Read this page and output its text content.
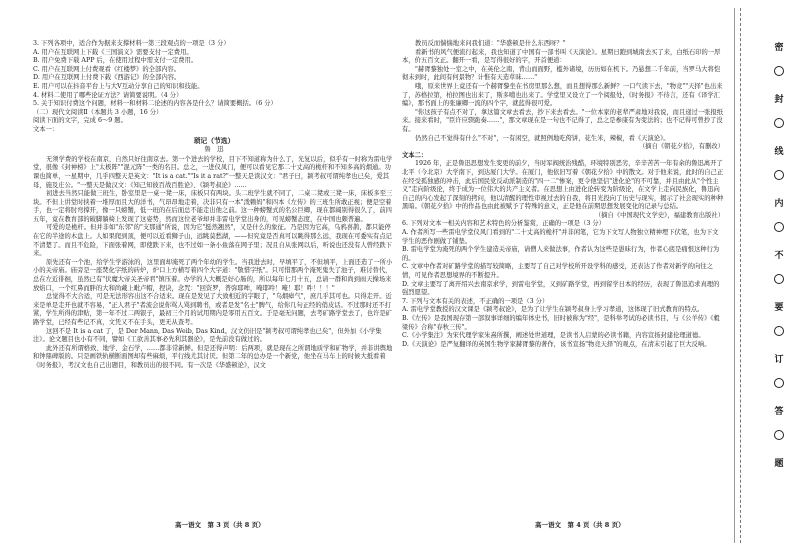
3. 下列各项中，适合作为据来支撑材料一第三段观点的一项是（3 分）

A. 用户在互联网上下载《三国演义》需要支付一定费用。

B. 用户免费下载 APP 后，在使用过程中需支付一定费用。

C. 用户在互联网上付费观看《红楼梦》的全部内容。

D. 用户在互联网上付费下载《西游记》的全部内容。

E. 用户可以在抖音平台上与大V互动分享自己的知识和技能。

4. 材料二使用了哪些论证方法？请简要说明。（4 分）

5. 关于知识付费这个问题，材料一和材料二论述的内容各是什么？请简要概括。（6 分）

（二）现代文阅读Ⅱ（本题共 3 小题，16 分）

阅读下面的文字，完成 6～9 题。

文本一：

琐记（节选）

鲁　迅

无须学费的学校在南京，自然只好往南京去。第一个进去的学校，目下不知道称为什么了，光复以后，似乎有一时称为雷电学堂，很像《封神榜》上"太极阵""混元阵"一类的名目。总之，一进仪凤门，便可以看见它那二十丈高的桅杆和不知多高的烟通。功课也简单，一星期中，几乎四整天是英文："It is a cat.""Is it a rat?"一整天是读汉文："君子曰，颍考叔可谓纯孝也已矣，爱其母，施及庄公。"一整天是做汉文：《知己知彼百战百胜论》、《颍考叔论》……

初进去当然只能做三班生，卧室里是一桌一凳一床，床板只有两块。头二班学生就不同了，二桌二凳或三凳一床，床板多至三块。不但上讲堂时挟着一堆厚而且大的洋书，气昂昂地走着，决非只有一本"泼赖妈"和四本《左传》的三班生所敢正视；便是空着手，也一定将肘弯撑开，像一只螃蟹，低一班的在后面总不能走出他之前。这一种螃蟹式的名公巨卿，现在都阔别得很久了，前四五年，竟在教育部的破脚躺椅上发现了这姿势，然而这位老爷却并非雷电学堂出身的，可见螃蟹态度，在中国也颇普遍。

可爱的是桅杆。但并非如"东邻"的"支那通"所说，因为它"挺然翘然"，又是什么的象征。乃是因为它高，乌鸦喜鹊，都只能停在它的半途的木盘上。人如果爬到顶，便可以近看狮子山，远眺莫愁湖，——但究竟是否真可以眺得那么远，我现在可委实有点记不清楚了。而且不危险，下面张着网，即使跌下来，也不过如一条小鱼落在网子里；况且自从张网以后，听说也还没有人曾经跌下来。

原先还有一个池，给学生学游泳的，这里面却淹死了两个年幼的学生。当我进去时，早填平了，不但填平，上面还造了一所小小的关帝庙。庙旁是一座焚化字纸的砖炉，炉口上方横写着四个大字道："敬惜字纸"。只可惜那两个淹死鬼失了池子，难讨替代，总在左近徘徊，虽然已有"伏魔大帝关圣帝君"镇压着。办学的人大概是好心肠的，所以每年七月十五，总请一群和尚到雨天操场来放焰口，一个红鼻而胖的大和尚戴上毗卢帽，捏诀，念咒："回资罗，普弥耶哞，唵耶吽！唵！耶！吽！！！"

总觉得不大合适，可是无法形容出这不合适来。现在是发见了大致相近的字眼了，"乌烟瘴气"，庶几乎其可也。只得走开。近来是单是走开也就不容易，"正人君子"者流会说你骂人骂到聘书，或者是发"名士"脾气，给你几句正经的俏皮话。不过那时还不打紧，学生所得的津贴，第一年不过二两银子，最初三个月的试用期内是零用五百文。于是毫无问题，去考矿路学堂去了，也许是矿路学堂，已经有些记不真，文凭又不在手头，更无从查考。

这回不是 It is a cat 了，是 Der Mann, Das Weib, Das Kind。汉文仍旧是"颍考叔可谓纯孝也已矣"，但外加《小学集注》。论文题目也小有不同，譬如《工欲善其事必先利其器论》，是先前没有做过的。

此外还有所谓格致、地学、金石学，……都非常新鲜。但是还得声明：后两项，就是现在之所谓地质学和矿物学，并非讲舆地和钟鼎碑版的。只是画铁轨横断面图却有些麻烦，平行线尤其讨厌。但第二年的总办是一个新党，他坐在马车上的时候大抵看着《时务报》，考汉文也自己出题目，和教员出的很不同。有一次是《华盛顿论》，汉文

教员反而惴惴地来问我们道："华盛顿是什么东西呀？"

看新书的风气便流行起来，我也知道了中国有一部书叫《天演论》。星期日跑到城南去买了来，白纸石印的一厚本，价五百文正。翻开一看，是写得很好的字，开首便道：

"赫胥黎独处一室之中，在英伦之南，背山而面野，槛外诸境，历历如在机下。乃悬想二千年前，当罗马大将恺彻未到时，此间有何景物？计惟有天造草昧……"

哦，原来世界上竟还有一个赫胥黎坐在书房里那么想，而且想得那么新鲜？一口气读下去，"物竞""天择"也出来了，苏格拉第，柏拉图也出来了，斯多噶也出来了。学堂里又设立了一个阅报处，《时务报》不待言，还有《译学汇编》，那书面上的张廉卿一流的四个字，就蓝得很可爱。

"你这孩子有点不对了，拿这篇文章去看去，抄下来去看去。"一位本家的老辈严肃地对我说，而且递过一张报纸来。接来看时，"臣许应骙跪奏……"，那文章现在是一句也不记得了，总之是参康有为变法的；也不记得可曾抄了没有。

仍然自己不觉得有什么"不对"，一有闲空，就照例地吃侉饼，花生米，辣椒，看《天演论》。

（摘自《朝花夕拾》，有删改）

文本二：

1926 年，正是鲁迅思想发生变更的前夕，当时军阀统治残酷，环境特别恶劣，辛辛苦苦一年有余的鲁迅离开了北平（今北京）大学南下，到达厦门大学。在厦门，他依旧写着《朝花夕拾》中的散文。对于他来说，此时的自己正在经受孤独感的冲击，此后国民党反动派制造的"四一二"惨案，更令他坚信"进化论"的不可靠，并且由此从"个性主义"走向阶级论，终于成为一位伟大的共产主义者。在思想上由进化论转变为阶级论，在文学上走向民族化，鲁迅向自己的内心发起了深刻的拷问，他以清醒的理性审视过去的自我，将目光投向了历史与现实，揭示了社会现实的种种黑暗。《朝花夕拾》中的作品也由此被赋予了特殊的意义，正是他在前期思想发展变化的记录与总结。

（摘自《中国现代文学史》，福建教育出版社）

6. 下列对文本一相关内容和艺术特色的分析鉴赏，正确的一项是（3 分）

A. 作者所写一些雷电学堂仪风门看到的"二十丈高的桅杆"并非闲笔，它为下文写人物独立精神埋下伏笔，也为下文学生的恶作剧做了铺垫。

B. 雷电学堂为淹死的两个学生建造关帝庙，请僧人来做法事，作者认为这些是愚昧行为，作者心底是痛恨这种行为的。

C. 文章中作者对矿路学堂的描写较简略，主要写了自己对学校所开设学科的感受，还表达了作者对新学的向往之情，可见作者思想境界的不断提升。

D. 文章主要写了离开绍兴去南京求学，到雷电学堂，又到矿路学堂，再到留学日本的经历，表现了鲁迅追求真理的强烈愿望。

7. 下列与文本有关的表述，不正确的一项是（3 分）

A. 雷电学堂教授的汉文课是《颍考叔论》，是为了让学生在颍考叔身上学习孝道，这体现了旧式教育的特点。

B.《左传》是我国现存第一部叙事详细的编年体史书，旧时被称为"经"，是科举考试的必读书目，与《公羊传》《穀梁传》合称"春秋三传"。

C.《小学集注》为宋代理学家朱熹所撰，阐述处世道理，是读书人启蒙的必读书籍，内容宣扬封建伦理道德。

D.《天演论》是严复翻译的英国生物学家赫胥黎的著作，该书宣扬"物竞天择"的观点，在清末引起了巨大反响。

高一语文　第 3 页（共 8 页）	高一语文　第 4 页（共 8 页）
密
封
线
内
不
要
订
答
题
